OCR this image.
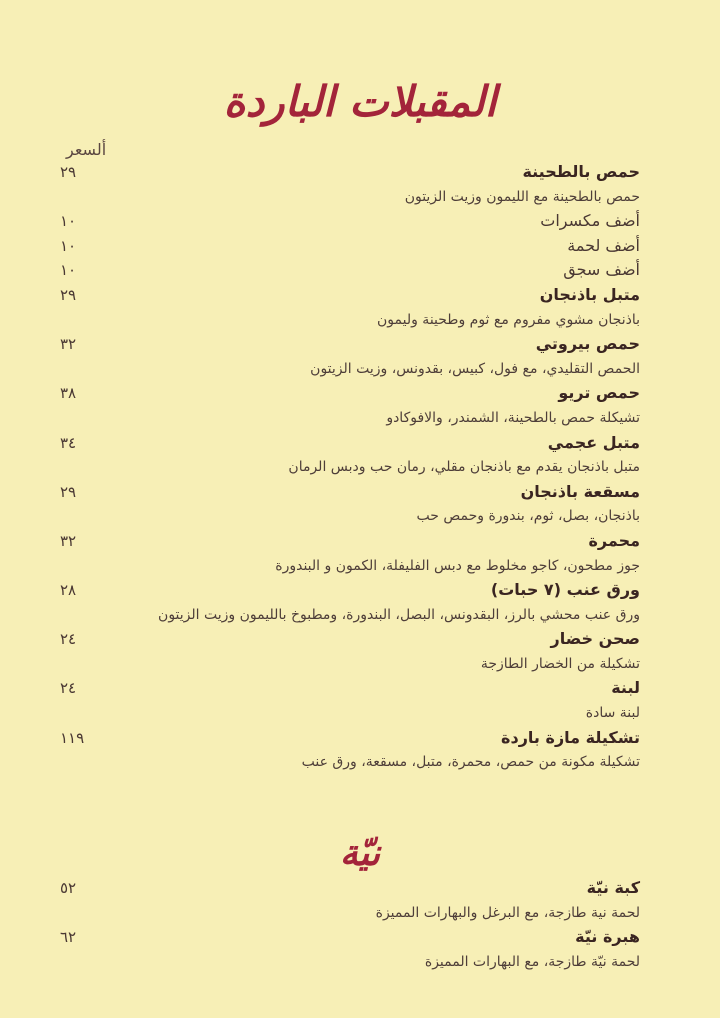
المقبلات الباردة
ألسعر
حمص بالطحينة
٢٩
حمص بالطحينة مع الليمون وزيت الزيتون
أضف مكسرات
١٠
أضف لحمة
١٠
أضف سجق
١٠
متبل باذنجان
٢٩
باذنجان مشوي مفروم مع ثوم وطحينة وليمون
حمص بيروتي
٣٢
الحمص التقليدي، مع فول، كبيس، بقدونس، وزيت الزيتون
حمص تريو
٣٨
تشيكلة حمص بالطحينة، الشمندر، والافوكادو
متبل عجمي
٣٤
متبل باذنجان يقدم مع باذنجان مقلي، رمان حب ودبس الرمان
مسقعة باذنجان
٢٩
باذنجان، بصل، ثوم، بندورة وحمص حب
محمرة
٣٢
جوز مطحون، كاجو مخلوط مع دبس الفليفلة، الكمون و البندورة
ورق عنب (٧ حبات)
٢٨
ورق عنب محشي بالرز، البقدونس، البصل، البندورة، ومطبوخ بالليمون وزيت الزيتون
صحن خضار
٢٤
تشكيلة من الخضار الطازجة
لبنة
٢٤
لبنة سادة
تشكيلة مازة باردة
١١٩
تشكيلة مكونة من حمص، محمرة، متبل، مسقعة، ورق عنب
نيّة
كبة نيّة
٥٢
لحمة نية طازجة، مع البرغل والبهارات المميزة
هبرة نيّة
٦٢
لحمة نيّة طازجة، مع البهارات المميزة
